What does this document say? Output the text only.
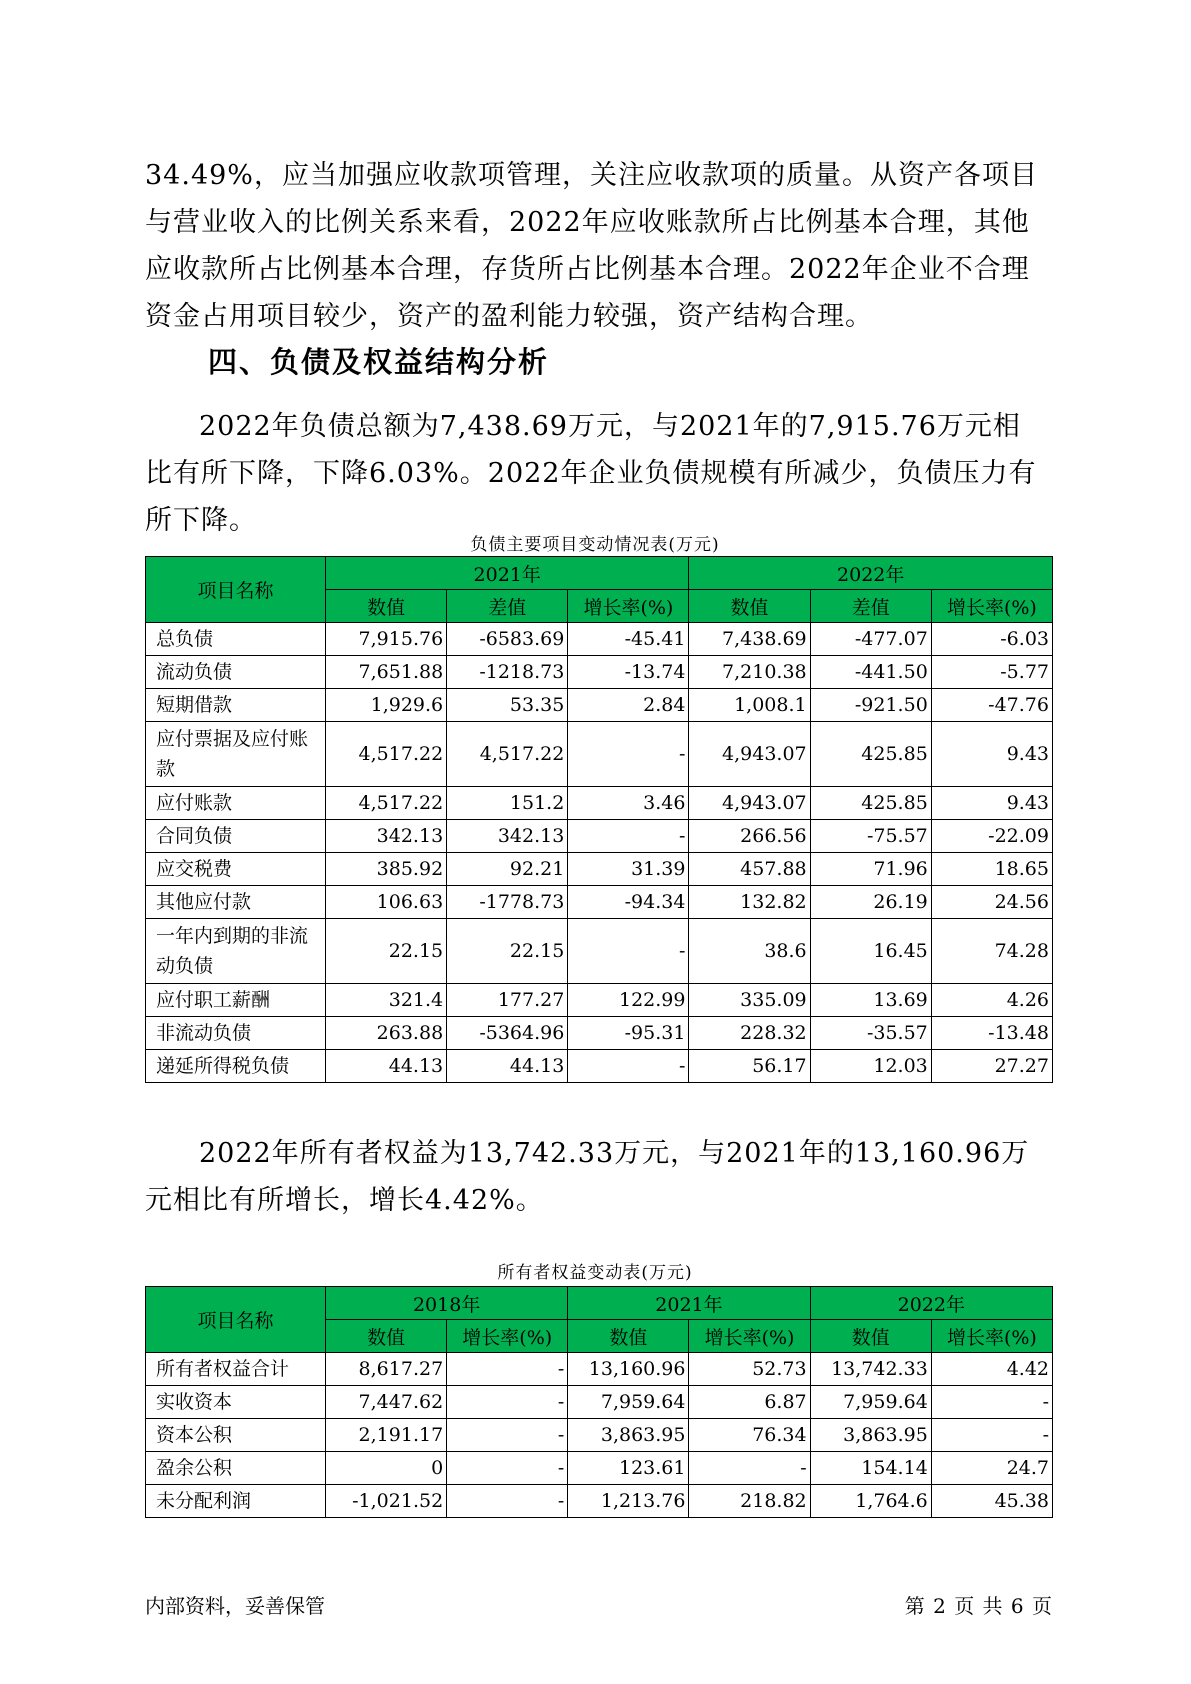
34.49%，应当加强应收款项管理，关注应收款项的质量。从资产各项目与营业收入的比例关系来看，2022年应收账款所占比例基本合理，其他应收款所占比例基本合理，存货所占比例基本合理。2022年企业不合理资金占用项目较少，资产的盈利能力较强，资产结构合理。

四、负债及权益结构分析

2022年负债总额为7,438.69万元，与2021年的7,915.76万元相比有所下降，下降6.03%。2022年企业负债规模有所减少，负债压力有所下降。

负债主要项目变动情况表(万元)
项目名称	2021年			2022年		
	数值	差值	增长率(%)	数值	差值	增长率(%)
总负债	7,915.76	-6583.69	-45.41	7,438.69	-477.07	-6.03
流动负债	7,651.88	-1218.73	-13.74	7,210.38	-441.50	-5.77
短期借款	1,929.6	53.35	2.84	1,008.1	-921.50	-47.76
应付票据及应付账款	4,517.22	4,517.22	-	4,943.07	425.85	9.43
应付账款	4,517.22	151.2	3.46	4,943.07	425.85	9.43
合同负债	342.13	342.13	-	266.56	-75.57	-22.09
应交税费	385.92	92.21	31.39	457.88	71.96	18.65
其他应付款	106.63	-1778.73	-94.34	132.82	26.19	24.56
一年内到期的非流动负债	22.15	22.15	-	38.6	16.45	74.28
应付职工薪酬	321.4	177.27	122.99	335.09	13.69	4.26
非流动负债	263.88	-5364.96	-95.31	228.32	-35.57	-13.48
递延所得税负债	44.13	44.13	-	56.17	12.03	27.27

2022年所有者权益为13,742.33万元，与2021年的13,160.96万元相比有所增长，增长4.42%。

所有者权益变动表(万元)
项目名称	2018年		2021年		2022年	
	数值	增长率(%)	数值	增长率(%)	数值	增长率(%)
所有者权益合计	8,617.27	-	13,160.96	52.73	13,742.33	4.42
实收资本	7,447.62	-	7,959.64	6.87	7,959.64	-
资本公积	2,191.17	-	3,863.95	76.34	3,863.95	-
盈余公积	0	-	123.61	-	154.14	24.7
未分配利润	-1,021.52	-	1,213.76	218.82	1,764.6	45.38
内部资料，妥善保管	第 2 页 共 6 页
